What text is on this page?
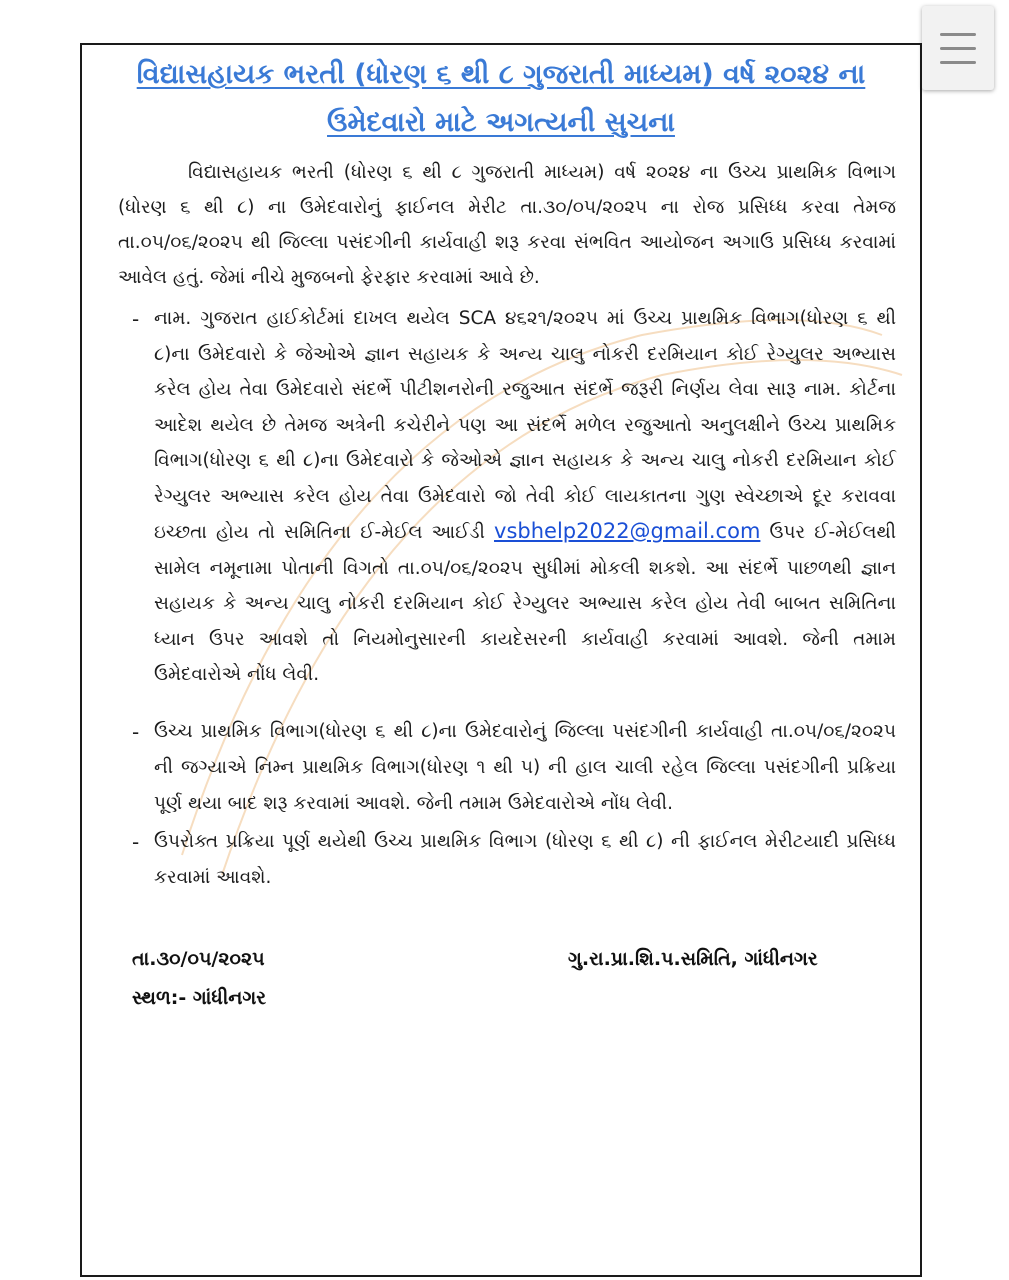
વિદ્યાસહાયક ભરતી (ધોરણ ૬ થી ૮ ગુજરાતી માધ્યમ) વર્ષ ૨૦૨૪ ના
ઉમેદવારો માટે અગત્યની સુચના
વિદ્યાસહાયક ભરતી (ધોરણ ૬ થી ૮ ગુજરાતી માધ્યમ) વર્ષ ૨૦૨૪ ના ઉચ્ચ પ્રાથમિક વિભાગ (ધોરણ ૬ થી ૮) ના ઉમેદવારોનું ફાઈનલ મેરીટ તા.૩૦/૦૫/૨૦૨૫ ના રોજ પ્રસિધ્ધ કરવા તેમજ તા.૦૫/૦૬/૨૦૨૫ થી જિલ્લા પસંદગીની કાર્યવાહી શરૂ કરવા સંભવિત આયોજન અગાઉ પ્રસિધ્ધ કરવામાં આવેલ હતું. જેમાં નીચે મુજબનો ફેરફાર કરવામાં આવે છે.
- નામ. ગુજરાત હાઈકોર્ટમાં દાખલ થયેલ SCA ૪૬૨૧/૨૦૨૫ માં ઉચ્ચ પ્રાથમિક વિભાગ(ધોરણ ૬ થી ૮)ના ઉમેદવારો કે જેઓએ જ્ઞાન સહાયક કે અન્ય ચાલુ નોકરી દરમિયાન કોઈ રેગ્યુલર અભ્યાસ કરેલ હોય તેવા ઉમેદવારો સંદર્ભે પીટીશનરોની રજુઆત સંદર્ભે જરૂરી નિર્ણય લેવા સારૂ નામ. કોર્ટના આદેશ થયેલ છે તેમજ અત્રેની કચેરીને પણ આ સંદર્ભે મળેલ રજુઆતો અનુલક્ષીને ઉચ્ચ પ્રાથમિક વિભાગ(ધોરણ ૬ થી ૮)ના ઉમેદવારો કે જેઓએ જ્ઞાન સહાયક કે અન્ય ચાલુ નોકરી દરમિયાન કોઈ રેગ્યુલર અભ્યાસ કરેલ હોય તેવા ઉમેદવારો જો તેવી કોઈ લાયકાતના ગુણ સ્વેચ્છાએ દૂર કરાવવા ઇચ્છતા હોય તો સમિતિના ઈ-મેઈલ આઈડી vsbhelp2022@gmail.com ઉપર ઈ-મેઈલથી સામેલ નમૂનામા પોતાની વિગતો તા.૦૫/૦૬/૨૦૨૫ સુધીમાં મોકલી શકશે. આ સંદર્ભે પાછળથી જ્ઞાન સહાયક કે અન્ય ચાલુ નોકરી દરમિયાન કોઈ રેગ્યુલર અભ્યાસ કરેલ હોય તેવી બાબત સમિતિના ધ્યાન ઉપર આવશે તો નિયમોનુસારની કાયદેસરની કાર્યવાહી કરવામાં આવશે. જેની તમામ ઉમેદવારોએ નોંધ લેવી.
- ઉચ્ચ પ્રાથમિક વિભાગ(ધોરણ ૬ થી ૮)ના ઉમેદવારોનું જિલ્લા પસંદગીની કાર્યવાહી તા.૦૫/૦૬/૨૦૨૫ ની જગ્યાએ નિમ્ન પ્રાથમિક વિભાગ(ધોરણ ૧ થી ૫) ની હાલ ચાલી રહેલ જિલ્લા પસંદગીની પ્રક્રિયા પૂર્ણ થયા બાદ શરૂ કરવામાં આવશે. જેની તમામ ઉમેદવારોએ નોંધ લેવી.
- ઉપરોક્ત પ્રક્રિયા પૂર્ણ થયેથી ઉચ્ચ પ્રાથમિક વિભાગ (ધોરણ ૬ થી ૮) ની ફાઈનલ મેરીટયાદી પ્રસિધ્ધ કરવામાં આવશે.
તા.૩૦/૦૫/૨૦૨૫
સ્થળ:- ગાંધીનગર
ગુ.રા.પ્રા.શિ.પ.સમિતિ, ગાંધીનગર
